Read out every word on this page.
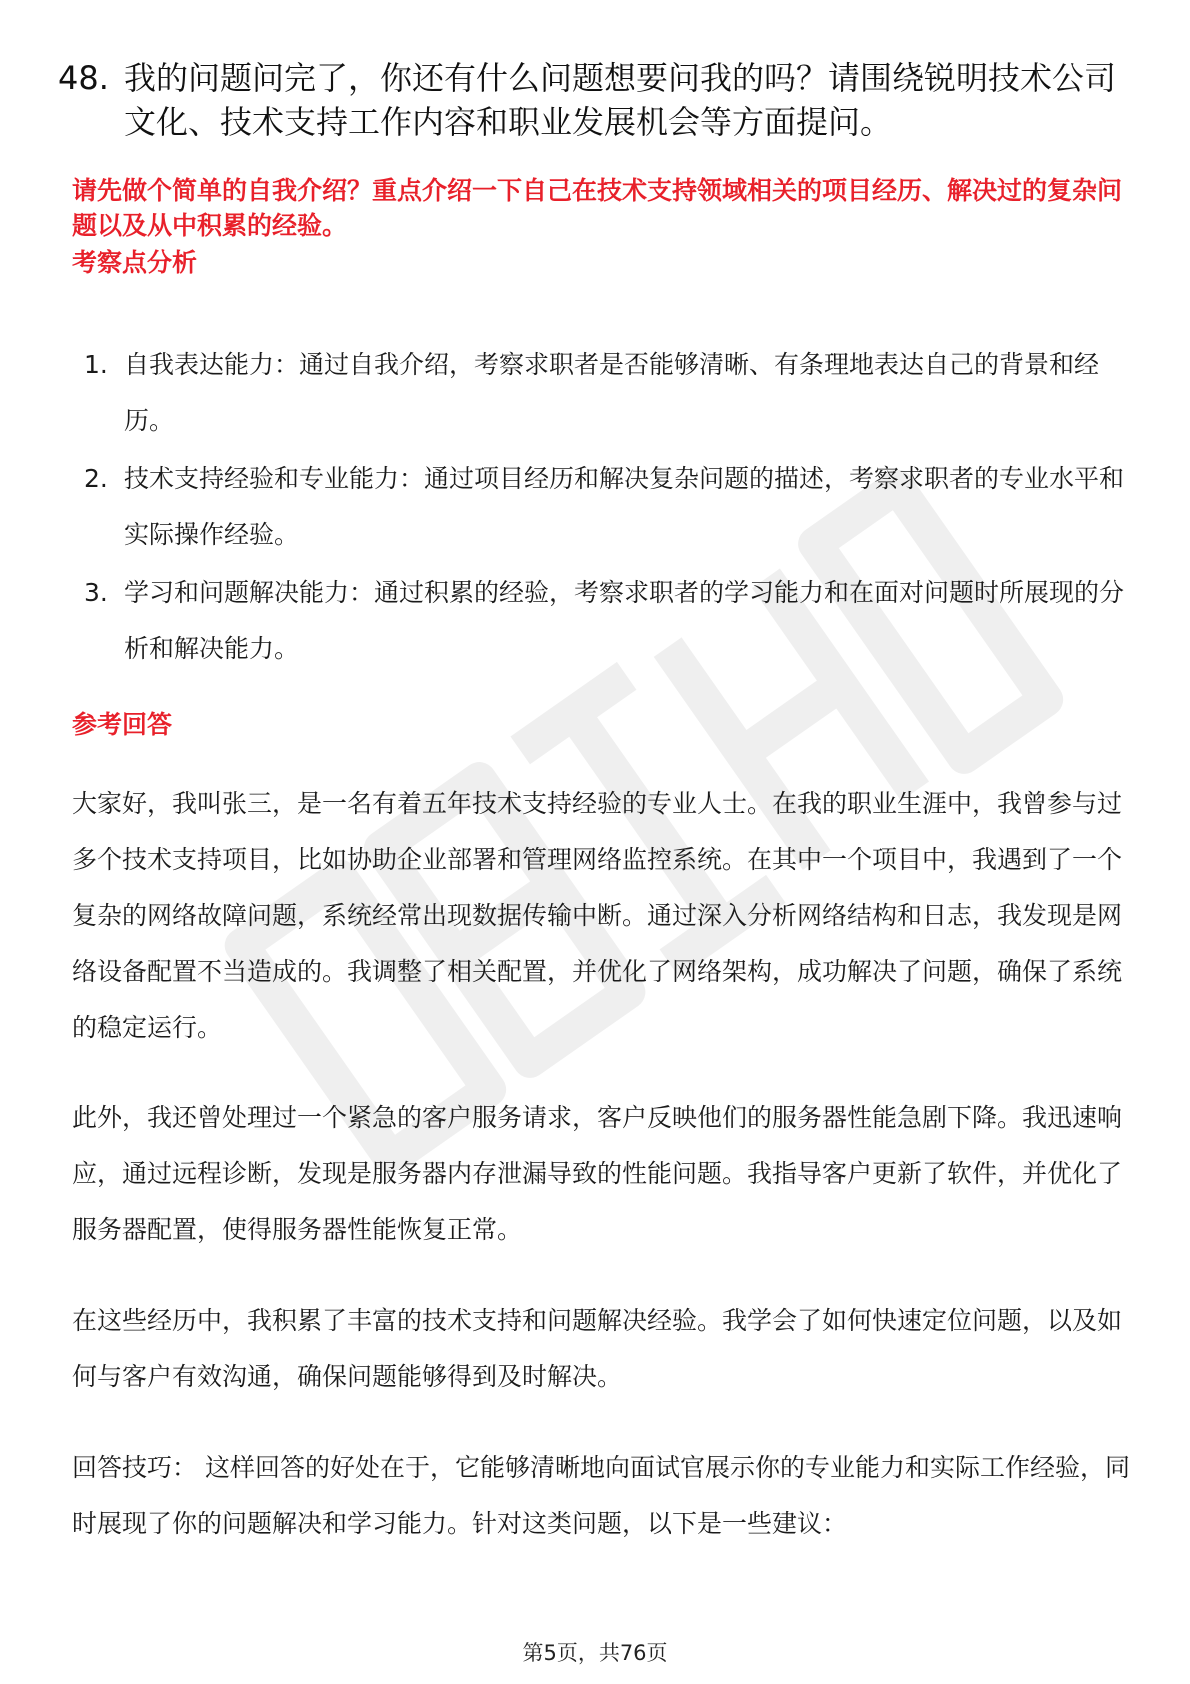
48. 我的问题问完了，你还有什么问题想要问我的吗？请围绕锐明技术公司文化、技术支持工作内容和职业发展机会等方面提问。
请先做个简单的自我介绍？重点介绍一下自己在技术支持领域相关的项目经历、解决过的复杂问题以及从中积累的经验。
考察点分析
1. 自我表达能力：通过自我介绍，考察求职者是否能够清晰、有条理地表达自己的背景和经历。
2. 技术支持经验和专业能力：通过项目经历和解决复杂问题的描述，考察求职者的专业水平和实际操作经验。
3. 学习和问题解决能力：通过积累的经验，考察求职者的学习能力和在面对问题时所展现的分析和解决能力。
参考回答

大家好，我叫张三，是一名有着五年技术支持经验的专业人士。在我的职业生涯中，我曾参与过多个技术支持项目，比如协助企业部署和管理网络监控系统。在其中一个项目中，我遇到了一个复杂的网络故障问题，系统经常出现数据传输中断。通过深入分析网络结构和日志，我发现是网络设备配置不当造成的。我调整了相关配置，并优化了网络架构，成功解决了问题，确保了系统的稳定运行。

此外，我还曾处理过一个紧急的客户服务请求，客户反映他们的服务器性能急剧下降。我迅速响应，通过远程诊断，发现是服务器内存泄漏导致的性能问题。我指导客户更新了软件，并优化了服务器配置，使得服务器性能恢复正常。

在这些经历中，我积累了丰富的技术支持和问题解决经验。我学会了如何快速定位问题，以及如何与客户有效沟通，确保问题能够得到及时解决。

回答技巧： 这样回答的好处在于，它能够清晰地向面试官展示你的专业能力和实际工作经验，同时展现了你的问题解决和学习能力。针对这类问题，以下是一些建议：

第5页，共76页
